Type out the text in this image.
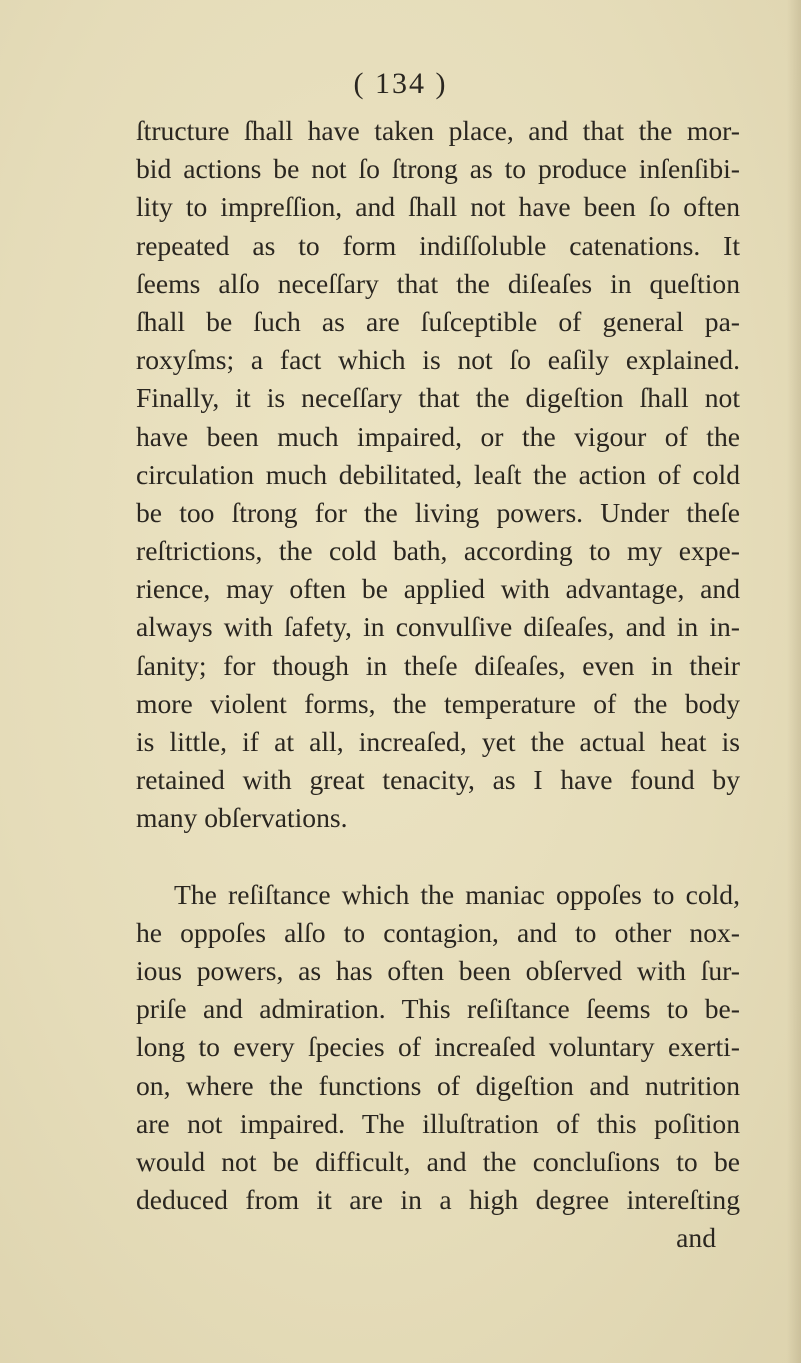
( 134 )
ſtructure ſhall have taken place, and that the mor-
bid actions be not ſo ſtrong as to produce inſenſibi-
lity to impreſſion, and ſhall not have been ſo often
repeated as to form indiſſoluble catenations. It
ſeems alſo neceſſary that the diſeaſes in queſtion
ſhall be ſuch as are ſuſceptible of general pa-
roxyſms; a fact which is not ſo eaſily explained.
Finally, it is neceſſary that the digeſtion ſhall not
have been much impaired, or the vigour of the
circulation much debilitated, leaſt the action of cold
be too ſtrong for the living powers. Under theſe
reſtrictions, the cold bath, according to my expe-
rience, may often be applied with advantage, and
always with ſafety, in convulſive diſeaſes, and in in-
ſanity; for though in theſe diſeaſes, even in their
more violent forms, the temperature of the body
is little, if at all, increaſed, yet the actual heat is
retained with great tenacity, as I have found by
many obſervations.
The reſiſtance which the maniac oppoſes to cold,
he oppoſes alſo to contagion, and to other nox-
ious powers, as has often been obſerved with ſur-
priſe and admiration. This reſiſtance ſeems to be-
long to every ſpecies of increaſed voluntary exerti-
on, where the functions of digeſtion and nutrition
are not impaired. The illuſtration of this poſition
would not be difficult, and the concluſions to be
deduced from it are in a high degree intereſting
and
